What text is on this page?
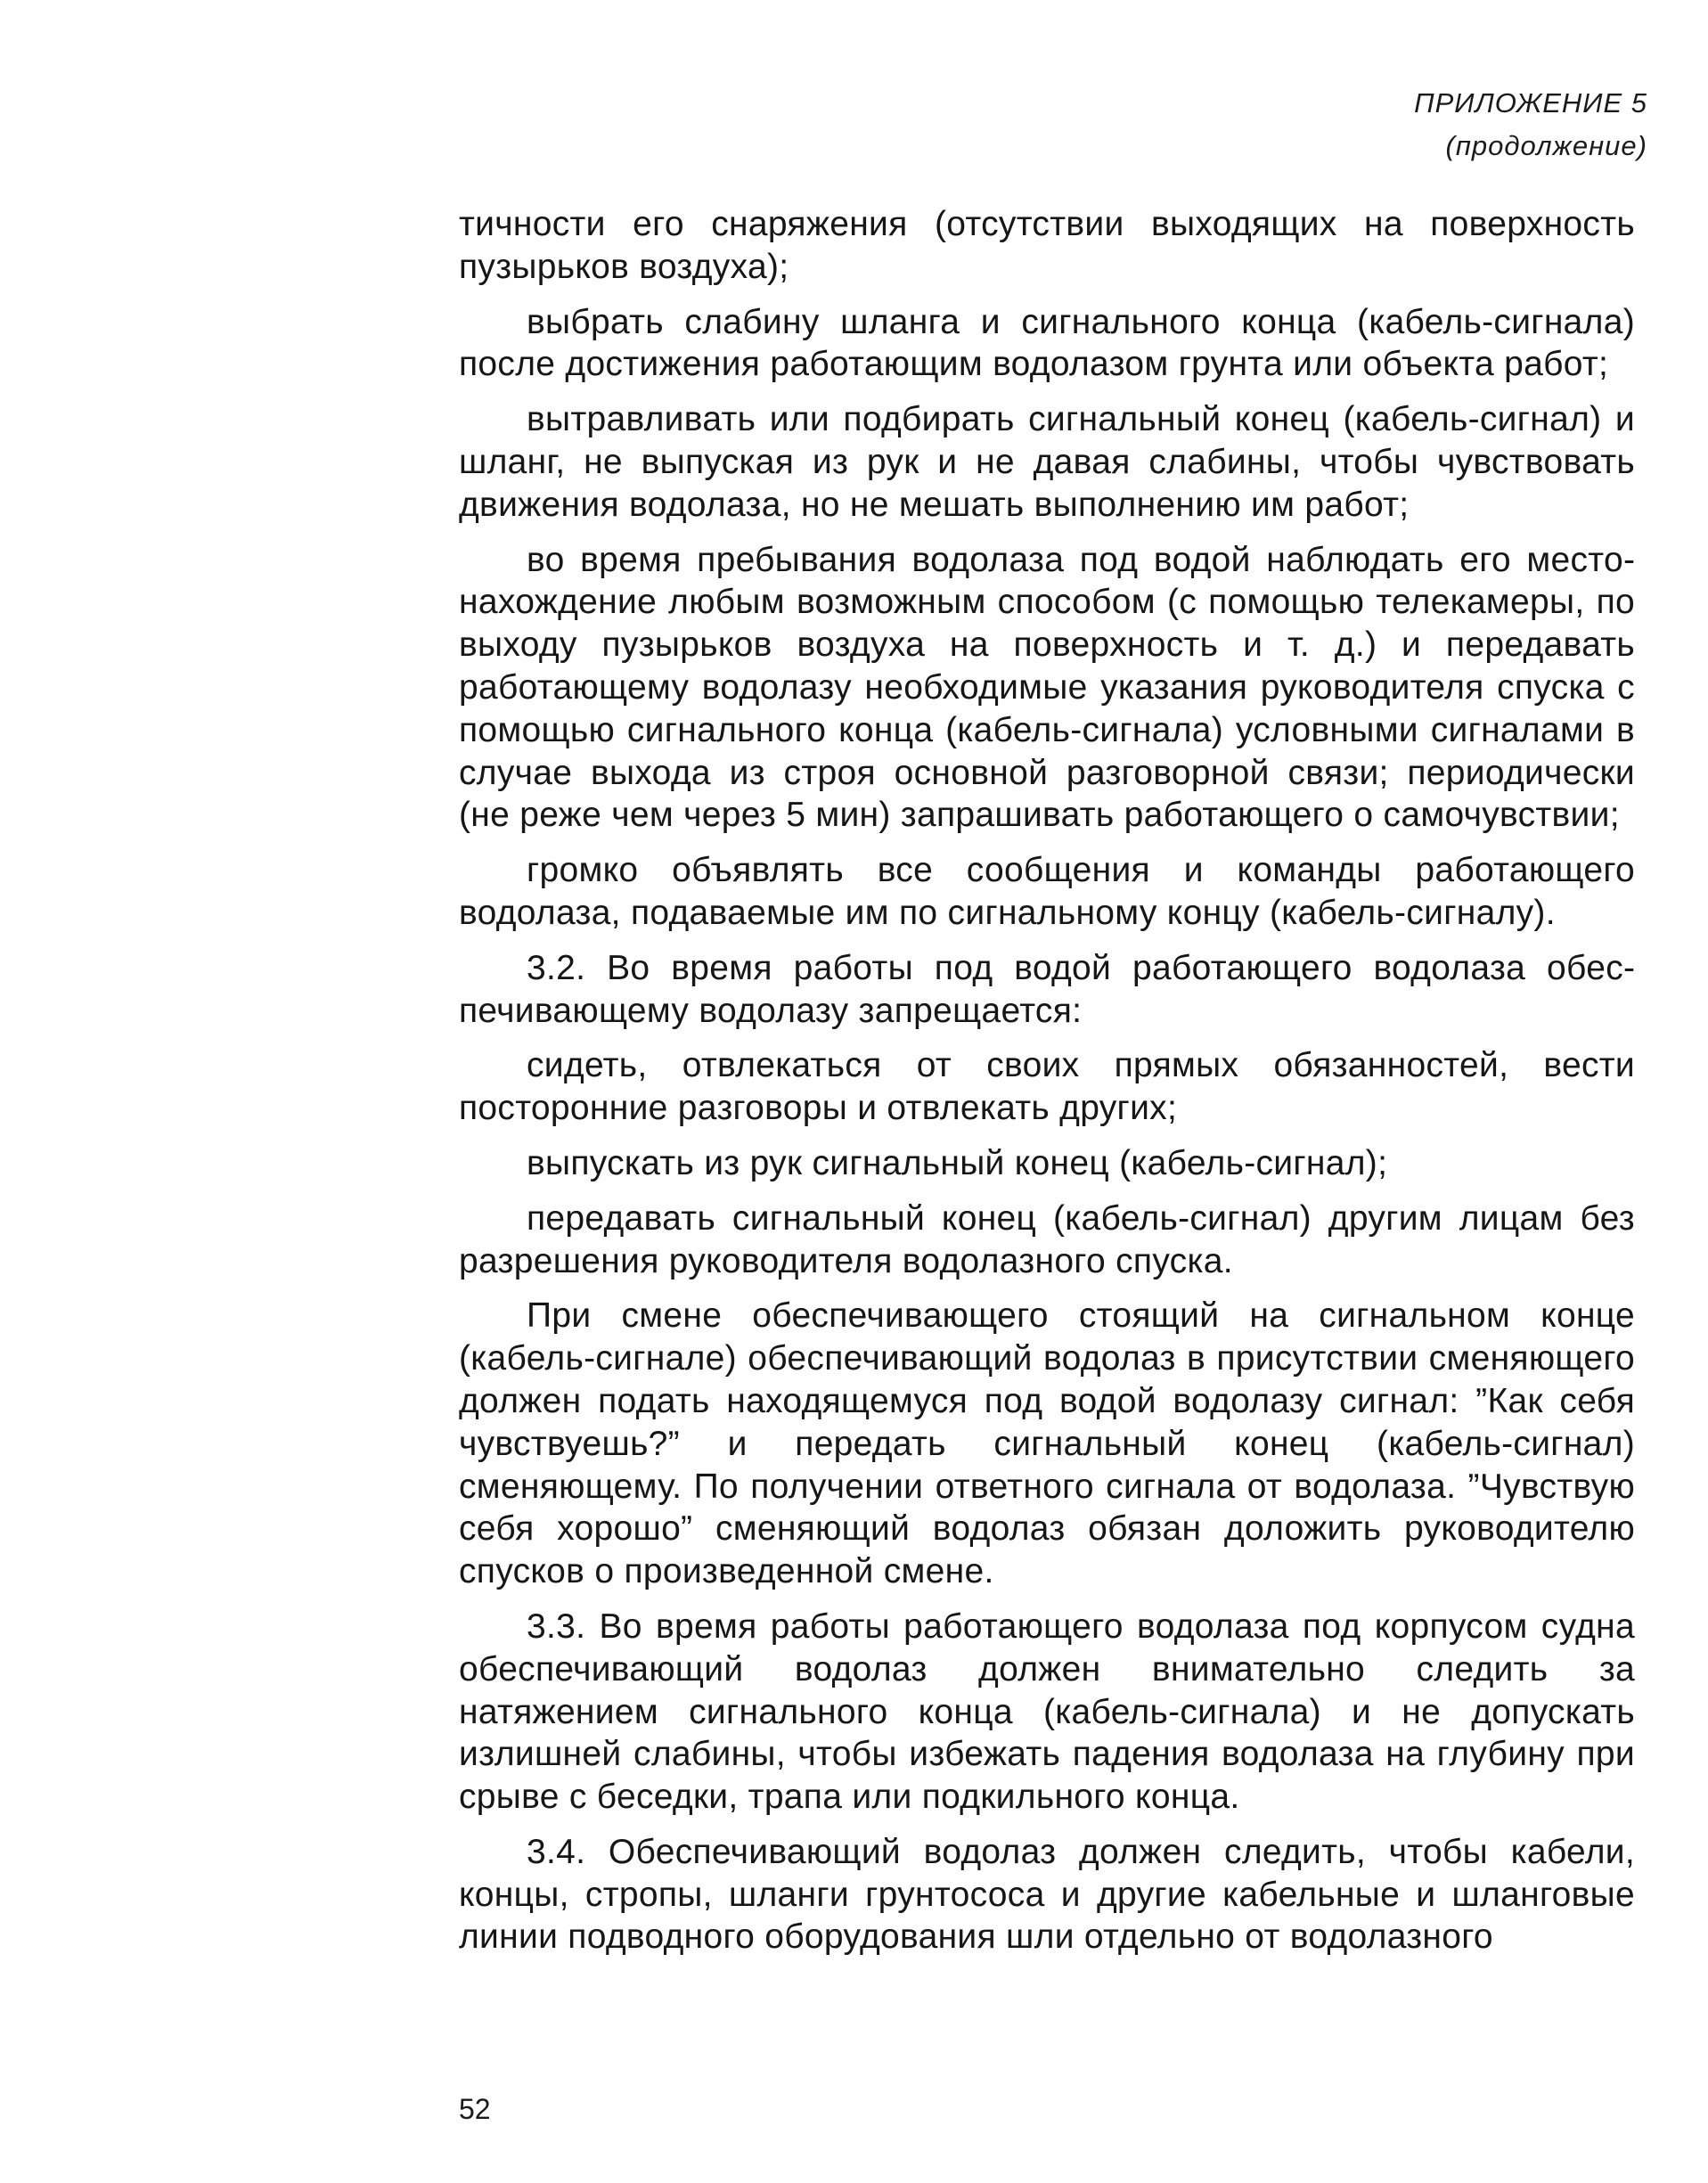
ПРИЛОЖЕНИЕ 5
(продолжение)

тичности его снаряжения (отсутствии выходящих на поверхность пузырьков воздуха);

выбрать слабину шланга и сигнального конца (кабель-сигнала) после достижения работающим водолазом грунта или объекта работ;

вытравливать или подбирать сигнальный конец (кабель-сигнал) и шланг, не выпуская из рук и не давая слабины, чтобы чувствовать движения водолаза, но не мешать выполнению им работ;

во время пребывания водолаза под водой наблюдать его местонахождение любым возможным способом (с помощью телекамеры, по выходу пузырьков воздуха на поверхность и т. д.) и передавать работающему водолазу необходимые указания руководителя спуска с помощью сигнального конца (кабель-сигнала) условными сигналами в случае выхода из строя основной разговорной связи; периодически (не реже чем через 5 мин) запрашивать работающего о самочувствии;

громко объявлять все сообщения и команды работающего водолаза, подаваемые им по сигнальному концу (кабель-сигналу).

3.2. Во время работы под водой работающего водолаза обеспечивающему водолазу запрещается:

сидеть, отвлекаться от своих прямых обязанностей, вести посторонние разговоры и отвлекать других;

выпускать из рук сигнальный конец (кабель-сигнал);

передавать сигнальный конец (кабель-сигнал) другим лицам без разрешения руководителя водолазного спуска.

При смене обеспечивающего стоящий на сигнальном конце (кабель-сигнале) обеспечивающий водолаз в присутствии сменяющего должен подать находящемуся под водой водолазу сигнал: ”Как себя чувствуешь?” и передать сигнальный конец (кабель-сигнал) сменяющему. По получении ответного сигнала от водолаза. ”Чувствую себя хорошо” сменяющий водолаз обязан доложить руководителю спусков о произведенной смене.

3.3. Во время работы работающего водолаза под корпусом судна обеспечивающий водолаз должен внимательно следить за натяжением сигнального конца (кабель-сигнала) и не допускать излишней слабины, чтобы избежать падения водолаза на глубину при срыве с беседки, трапа или подкильного конца.

3.4. Обеспечивающий водолаз должен следить, чтобы кабели, концы, стропы, шланги грунтососа и другие кабельные и шланговые линии подводного оборудования шли отдельно от водолазного

52
